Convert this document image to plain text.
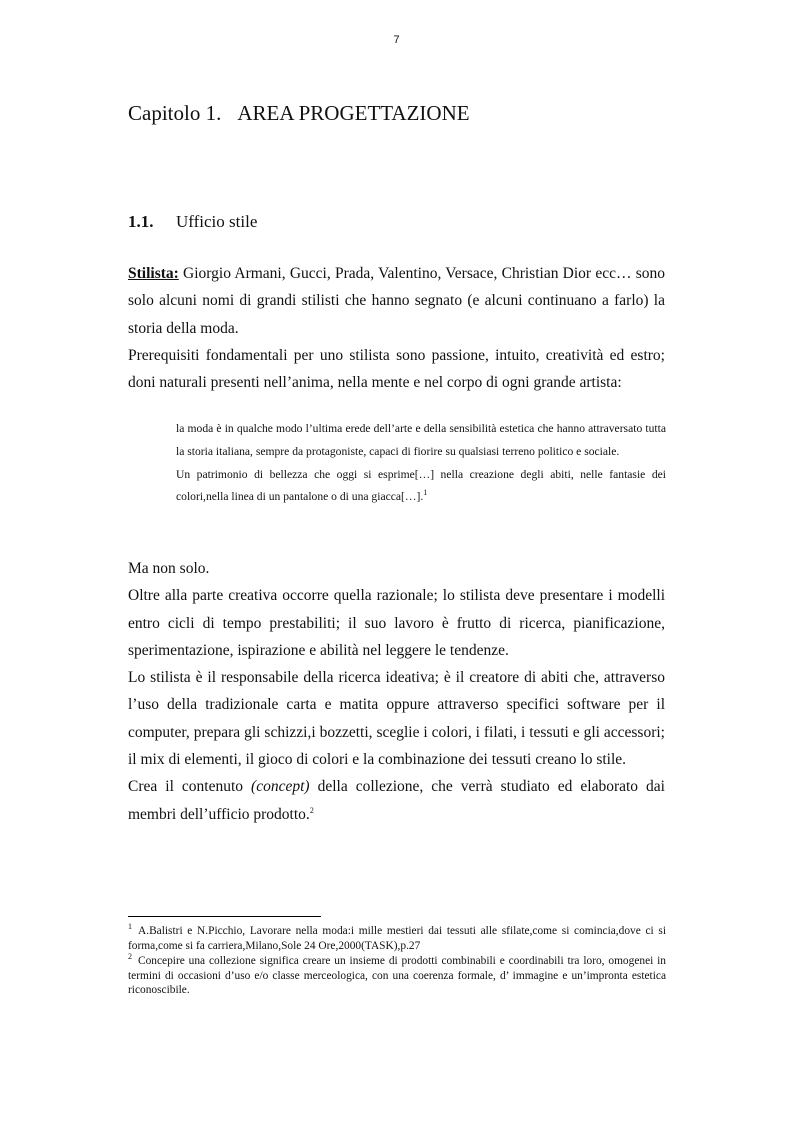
7
Capitolo 1. AREA PROGETTAZIONE
1.1. Ufficio stile

Stilista: Giorgio Armani, Gucci, Prada, Valentino, Versace, Christian Dior ecc… sono solo alcuni nomi di grandi stilisti che hanno segnato (e alcuni continuano a farlo) la storia della moda.

Prerequisiti fondamentali per uno stilista sono passione, intuito, creatività ed estro; doni naturali presenti nell’anima, nella mente e nel corpo di ogni grande artista:

la moda è in qualche modo l’ultima erede dell’arte e della sensibilità estetica che hanno attraversato tutta la storia italiana, sempre da protagoniste, capaci di fiorire su qualsiasi terreno politico e sociale.

Un patrimonio di bellezza che oggi si esprime[…] nella creazione degli abiti, nelle fantasie dei colori,nella linea di un pantalone o di una giacca[…].$^1$

Ma non solo.

Oltre alla parte creativa occorre quella razionale; lo stilista deve presentare i modelli entro cicli di tempo prestabiliti; il suo lavoro è frutto di ricerca, pianificazione, sperimentazione, ispirazione e abilità nel leggere le tendenze.

Lo stilista è il responsabile della ricerca ideativa; è il creatore di abiti che, attraverso l’uso della tradizionale carta e matita oppure attraverso specifici software per il computer, prepara gli schizzi,i bozzetti, sceglie i colori, i filati, i tessuti e gli accessori; il mix di elementi, il gioco di colori e la combinazione dei tessuti creano lo stile.

Crea il contenuto (concept) della collezione, che verrà studiato ed elaborato dai membri dell’ufficio prodotto.$^2$

$^1$ A.Balistri e N.Picchio, Lavorare nella moda:i mille mestieri dai tessuti alle sfilate,come si comincia,dove ci si forma,come si fa carriera,Milano,Sole 24 Ore,2000(TASK),p.27

$^2$ Concepire una collezione significa creare un insieme di prodotti combinabili e coordinabili tra loro, omogenei in termini di occasioni d’uso e/o classe merceologica, con una coerenza formale, d’ immagine e un’impronta estetica riconoscibile.
